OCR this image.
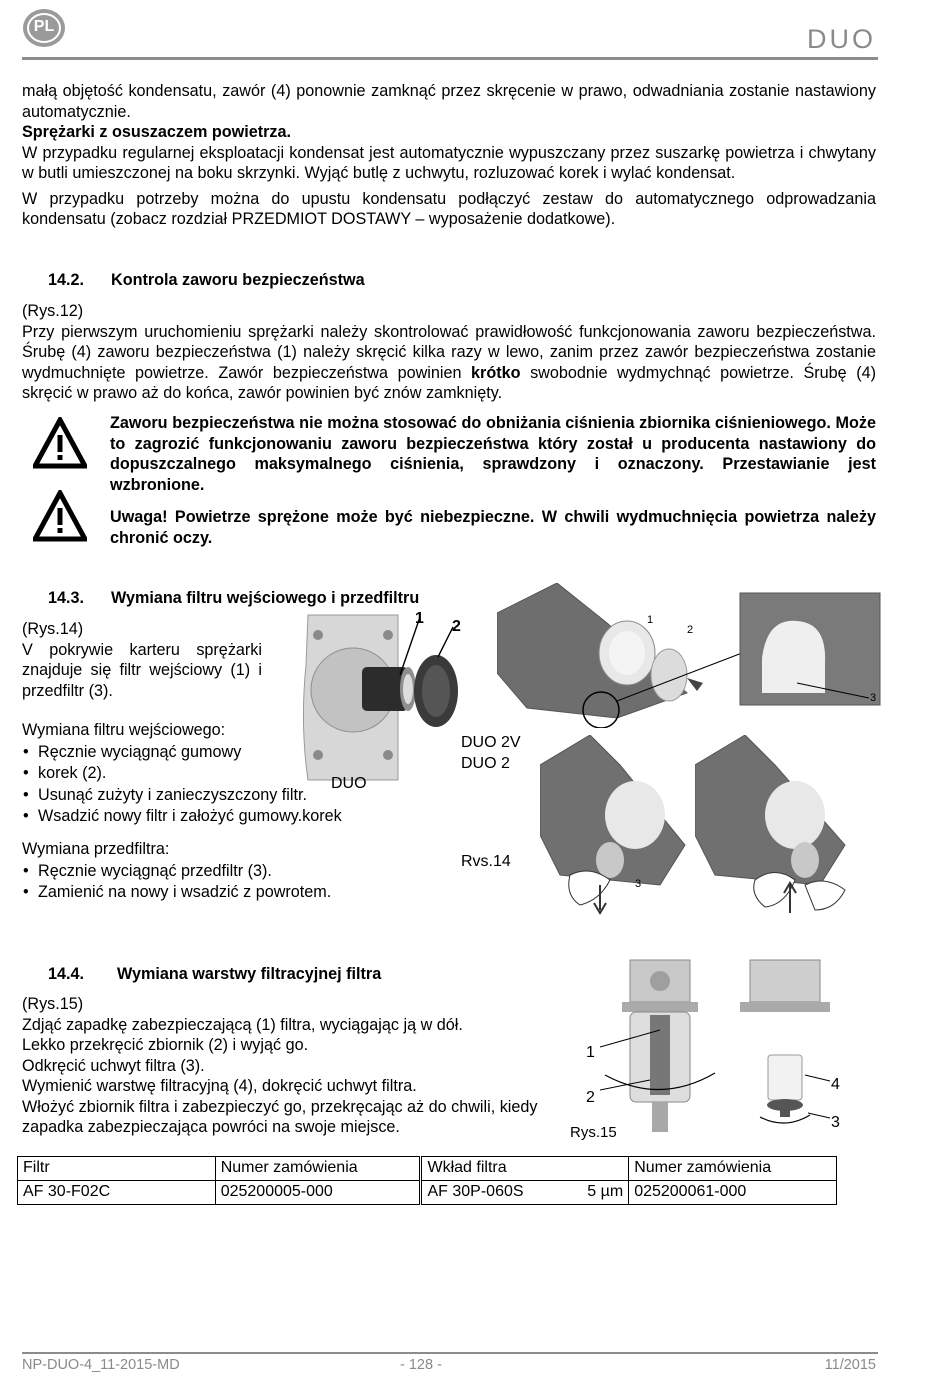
PL	DUO

małą objętość kondensatu, zawór (4) ponownie zamknąć przez skręcenie w prawo, odwadniania zostanie nastawiony automatycznie.

Sprężarki z osuszaczem powietrza.

W przypadku regularnej eksploatacji kondensat jest automatycznie wypuszczany przez suszarkę powietrza i chwytany w butli umieszczonej na boku skrzynki. Wyjąć butlę z uchwytu, rozluzować korek i wylać kondensat.

W przypadku potrzeby można do upustu kondensatu podłączyć zestaw do automatycznego odprowadzania kondensatu (zobacz rozdział PRZEDMIOT DOSTAWY – wyposażenie dodatkowe).

14.2. Kontrola zaworu bezpieczeństwa

(Rys.12)

Przy pierwszym uruchomieniu sprężarki należy skontrolować prawidłowość funkcjonowania zaworu bezpieczeństwa. Śrubę (4) zaworu bezpieczeństwa (1) należy skręcić kilka razy w lewo, zanim przez zawór bezpieczeństwa zostanie wydmuchnięte powietrze. Zawór bezpieczeństwa powinien krótko swobodnie wydmychnąć powietrze. Śrubę (4) skręcić w prawo aż do końca, zawór powinien być znów zamknięty.

Zaworu bezpieczeństwa nie można stosować do obniżania ciśnienia zbiornika ciśnieniowego. Może to zagrozić funkcjonowaniu zaworu bezpieczeństwa który został u producenta nastawiony do dopuszczalnego maksymalnego ciśnienia, sprawdzony i oznaczony. Przestawianie jest wzbronione.

Uwaga! Powietrze sprężone może być niebezpieczne. W chwili wydmuchnięcia powietrza należy chronić oczy.

14.3. Wymiana filtru wejściowego i przedfiltru

(Rys.14)

V pokrywie karteru sprężarki znajduje się filtr wejściowy (1) i przedfiltr (3).

1 2
DUO
1
2
3
3
DUO 2V
DUO 2
Rvs.14

Wymiana filtru wejściowego:

• Ręcznie wyciągnąć gumowy
• korek (2).
• Usunąć zużyty i zanieczyszczony filtr.
• Wsadzić nowy filtr i założyć gumowy.korek

Wymiana przedfiltra:

• Ręcznie wyciągnąć przedfiltr (3).
• Zamienić na nowy i wsadzić z powrotem.
14.4. Wymiana warstwy filtracyjnej filtra

(Rys.15)

Zdjąć zapadkę zabezpieczającą (1) filtra, wyciągając ją w dół.

Lekko przekręcić zbiornik (2) i wyjąć go.

Odkręcić uchwyt filtra (3).

Wymienić warstwę filtracyjną (4), dokręcić uchwyt filtra.

Włożyć zbiornik filtra i zabezpieczyć go, przekręcając aż do chwili, kiedy zapadka zabezpieczająca powróci na swoje miejsce.

1
2
4
3
Rys.15
Filtr	Numer zamówienia	Wkład filtra	Numer zamówienia
AF 30-F02C	025200005-000	AF 30P-060S 5 µm	025200061-000
NP-DUO-4_11-2015-MD	- 128 -	11/2015
